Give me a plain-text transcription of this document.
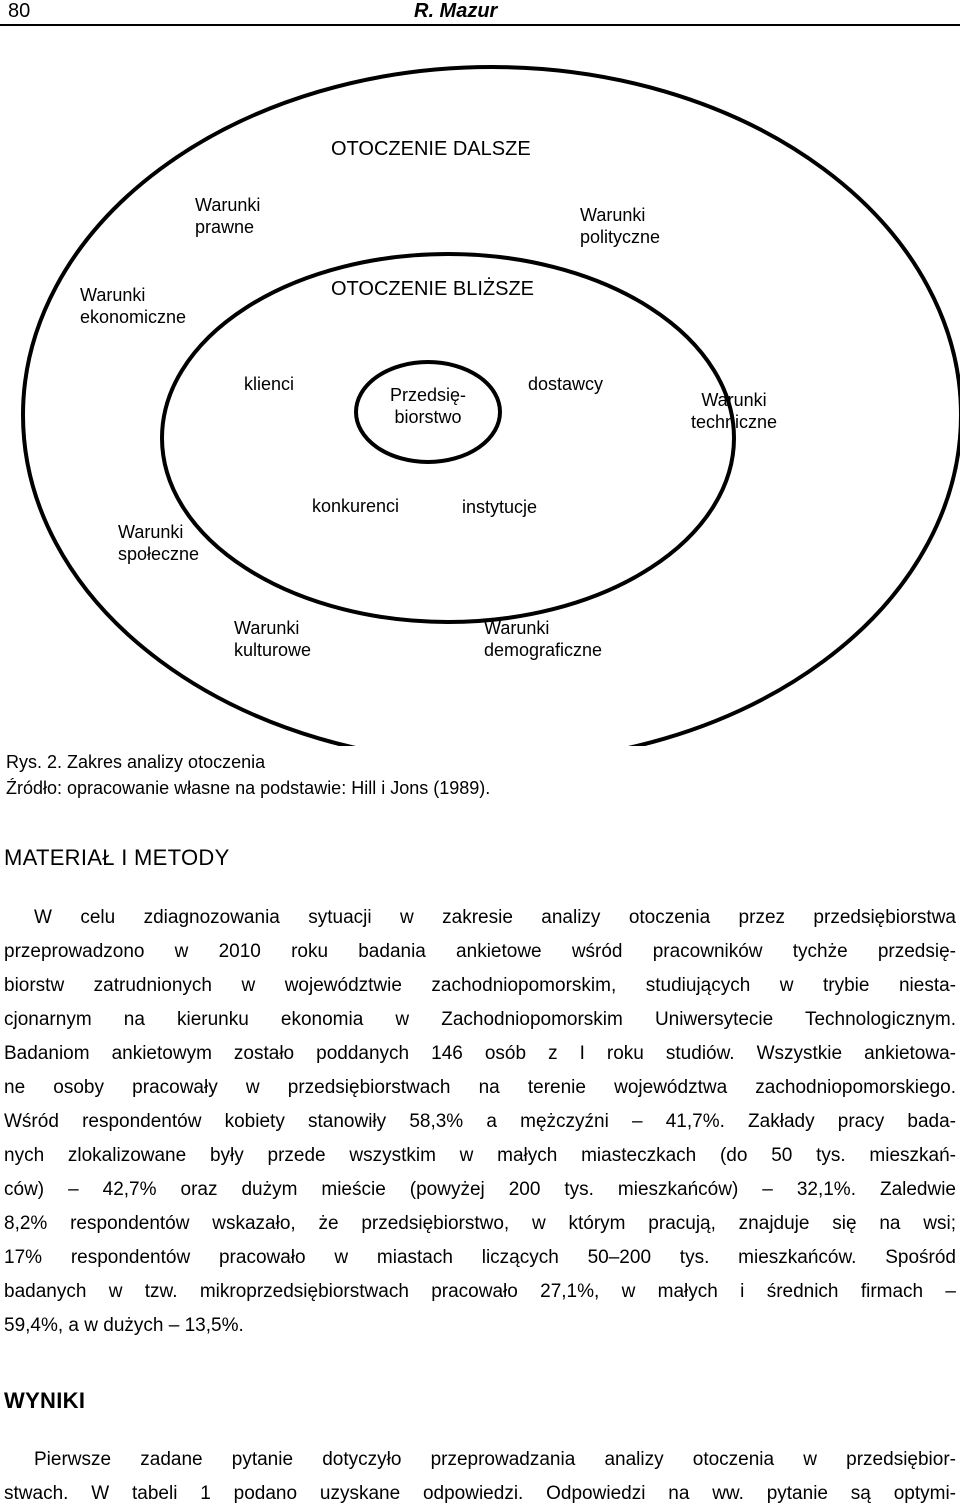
80	R. Mazur
OTOCZENIE DALSZE
OTOCZENIE BLIŻSZE
Warunki
prawne
Warunki
polityczne
Warunki
ekonomiczne
Warunki
techniczne
Warunki
społeczne
Warunki
kulturowe
Warunki
demograficzne
klienci	dostawcy
konkurenci	instytucje
Przedsię-
biorstwo
Rys. 2. Zakres analizy otoczenia
Źródło: opracowanie własne na podstawie: Hill i Jons (1989).
MATERIAŁ I METODY
W celu zdiagnozowania sytuacji w zakresie analizy otoczenia przez przedsiębiorstwa
przeprowadzono w 2010 roku badania ankietowe wśród pracowników tychże przedsię-
biorstw zatrudnionych w województwie zachodniopomorskim, studiujących w trybie niesta-
cjonarnym na kierunku ekonomia w Zachodniopomorskim Uniwersytecie Technologicznym.
Badaniom ankietowym zostało poddanych 146 osób z I roku studiów. Wszystkie ankietowa-
ne osoby pracowały w przedsiębiorstwach na terenie województwa zachodniopomorskiego.
Wśród respondentów kobiety stanowiły 58,3% a mężczyźni – 41,7%. Zakłady pracy bada-
nych zlokalizowane były przede wszystkim w małych miasteczkach (do 50 tys. mieszkań-
ców) – 42,7% oraz dużym mieście (powyżej 200 tys. mieszkańców) – 32,1%. Zaledwie
8,2% respondentów wskazało, że przedsiębiorstwo, w którym pracują, znajduje się na wsi;
17% respondentów pracowało w miastach liczących 50–200 tys. mieszkańców. Spośród
badanych w tzw. mikroprzedsiębiorstwach pracowało 27,1%, w małych i średnich firmach –
59,4%, a w dużych – 13,5%.
WYNIKI
Pierwsze zadane pytanie dotyczyło przeprowadzania analizy otoczenia w przedsiębior-
stwach. W tabeli 1 podano uzyskane odpowiedzi. Odpowiedzi na ww. pytanie są optymi-
